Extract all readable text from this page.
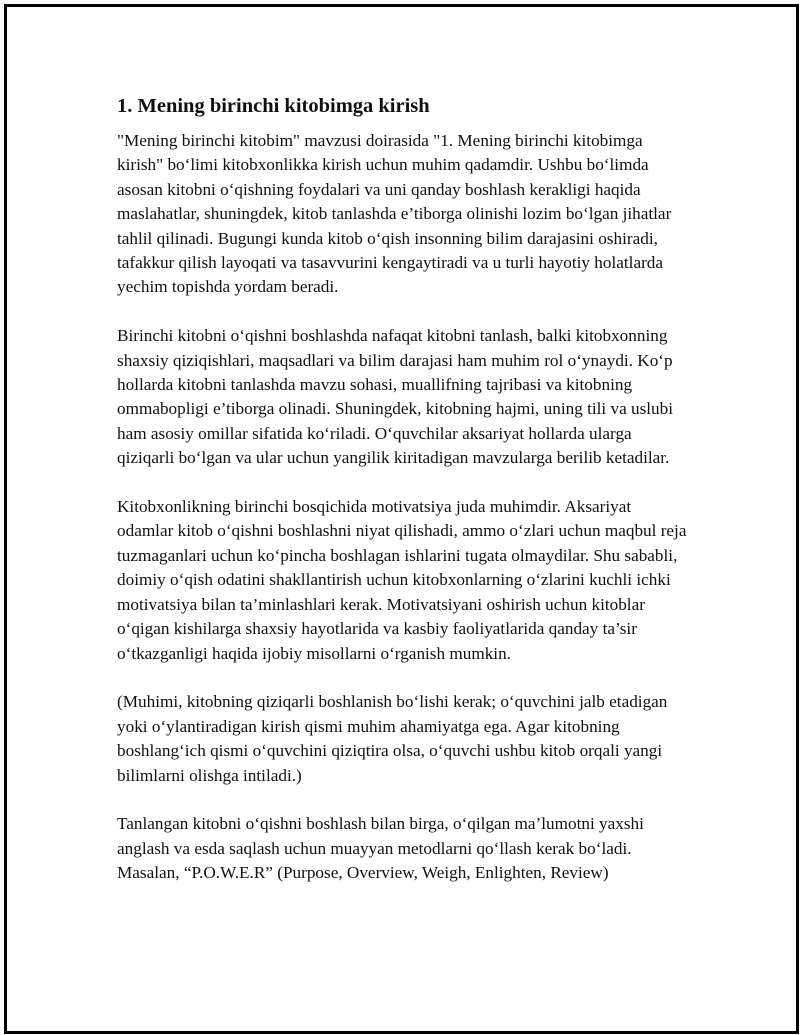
1. Mening birinchi kitobimga kirish

"Mening birinchi kitobim" mavzusi doirasida "1. Mening birinchi kitobimga kirish" bo‘limi kitobxonlikka kirish uchun muhim qadamdir. Ushbu bo‘limda asosan kitobni o‘qishning foydalari va uni qanday boshlash kerakligi haqida maslahatlar, shuningdek, kitob tanlashda e’tiborga olinishi lozim bo‘lgan jihatlar tahlil qilinadi. Bugungi kunda kitob o‘qish insonning bilim darajasini oshiradi, tafakkur qilish layoqati va tasavvurini kengaytiradi va u turli hayotiy holatlarda yechim topishda yordam beradi.

Birinchi kitobni o‘qishni boshlashda nafaqat kitobni tanlash, balki kitobxonning shaxsiy qiziqishlari, maqsadlari va bilim darajasi ham muhim rol o‘ynaydi. Ko‘p hollarda kitobni tanlashda mavzu sohasi, muallifning tajribasi va kitobning ommabopligi e’tiborga olinadi. Shuningdek, kitobning hajmi, uning tili va uslubi ham asosiy omillar sifatida ko‘riladi. O‘quvchilar aksariyat hollarda ularga qiziqarli bo‘lgan va ular uchun yangilik kiritadigan mavzularga berilib ketadilar.

Kitobxonlikning birinchi bosqichida motivatsiya juda muhimdir. Aksariyat odamlar kitob o‘qishni boshlashni niyat qilishadi, ammo o‘zlari uchun maqbul reja tuzmaganlari uchun ko‘pincha boshlagan ishlarini tugata olmaydilar. Shu sababli, doimiy o‘qish odatini shakllantirish uchun kitobxonlarning o‘zlarini kuchli ichki motivatsiya bilan ta’minlashlari kerak. Motivatsiyani oshirish uchun kitoblar o‘qigan kishilarga shaxsiy hayotlarida va kasbiy faoliyatlarida qanday ta’sir o‘tkazganligi haqida ijobiy misollarni o‘rganish mumkin.

(Muhimi, kitobning qiziqarli boshlanish bo‘lishi kerak; o‘quvchini jalb etadigan yoki o‘ylantiradigan kirish qismi muhim ahamiyatga ega. Agar kitobning boshlang‘ich qismi o‘quvchini qiziqtira olsa, o‘quvchi ushbu kitob orqali yangi bilimlarni olishga intiladi.)

Tanlangan kitobni o‘qishni boshlash bilan birga, o‘qilgan ma’lumotni yaxshi anglash va esda saqlash uchun muayyan metodlarni qo‘llash kerak bo‘ladi. Masalan, “P.O.W.E.R” (Purpose, Overview, Weigh, Enlighten, Review)
